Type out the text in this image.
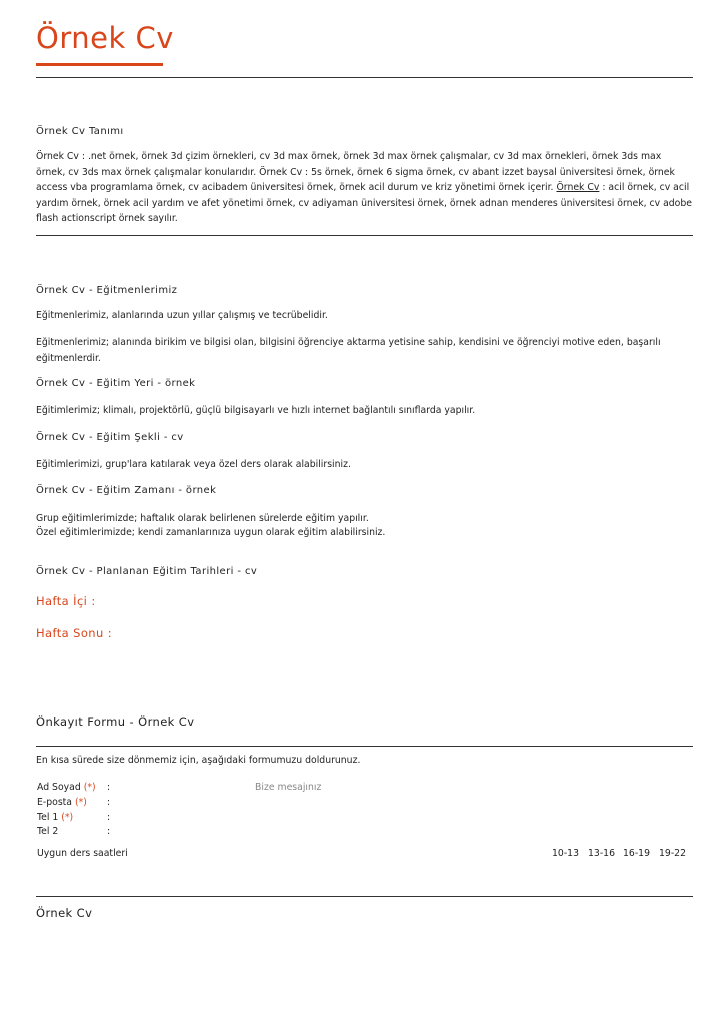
Örnek Cv
Örnek Cv Tanımı
Örnek Cv : .net örnek, örnek 3d çizim örnekleri, cv 3d max örnek, örnek 3d max örnek çalışmalar, cv 3d max örnekleri, örnek 3ds max örnek, cv 3ds max örnek çalışmalar konularıdır. Örnek Cv : 5s örnek, örnek 6 sigma örnek, cv abant izzet baysal üniversitesi örnek, örnek access vba programlama örnek, cv acibadem üniversitesi örnek, örnek acil durum ve kriz yönetimi örnek içerir. Örnek Cv : acil örnek, cv acil yardım örnek, örnek acil yardım ve afet yönetimi örnek, cv adiyaman üniversitesi örnek, örnek adnan menderes üniversitesi örnek, cv adobe flash actionscript örnek sayılır.
Örnek Cv - Eğitmenlerimiz
Eğitmenlerimiz, alanlarında uzun yıllar çalışmış ve tecrübelidir.
Eğitmenlerimiz; alanında birikim ve bilgisi olan, bilgisini öğrenciye aktarma yetisine sahip, kendisini ve öğrenciyi motive eden, başarılı eğitmenlerdir.
Örnek Cv - Eğitim Yeri - örnek
Eğitimlerimiz; klimalı, projektörlü, güçlü bilgisayarlı ve hızlı internet bağlantılı sınıflarda yapılır.
Örnek Cv - Eğitim Şekli - cv
Eğitimlerimizi, grup'lara katılarak veya özel ders olarak alabilirsiniz.
Örnek Cv - Eğitim Zamanı - örnek
Grup eğitimlerimizde; haftalık olarak belirlenen sürelerde eğitim yapılır.
Özel eğitimlerimizde; kendi zamanlarınıza uygun olarak eğitim alabilirsiniz.
Örnek Cv - Planlanan Eğitim Tarihleri - cv
Hafta İçi :
Hafta Sonu :
Önkayıt Formu - Örnek Cv
En kısa sürede size dönmemiz için, aşağıdaki formumuzu doldurunuz.
Ad Soyad (*) :
E-posta (*) :
Tel 1 (*)	:
Tel 2	:
Bize mesajınız
Uygun ders saatleri	10-13 13-16 16-19 19-22
Örnek Cv
